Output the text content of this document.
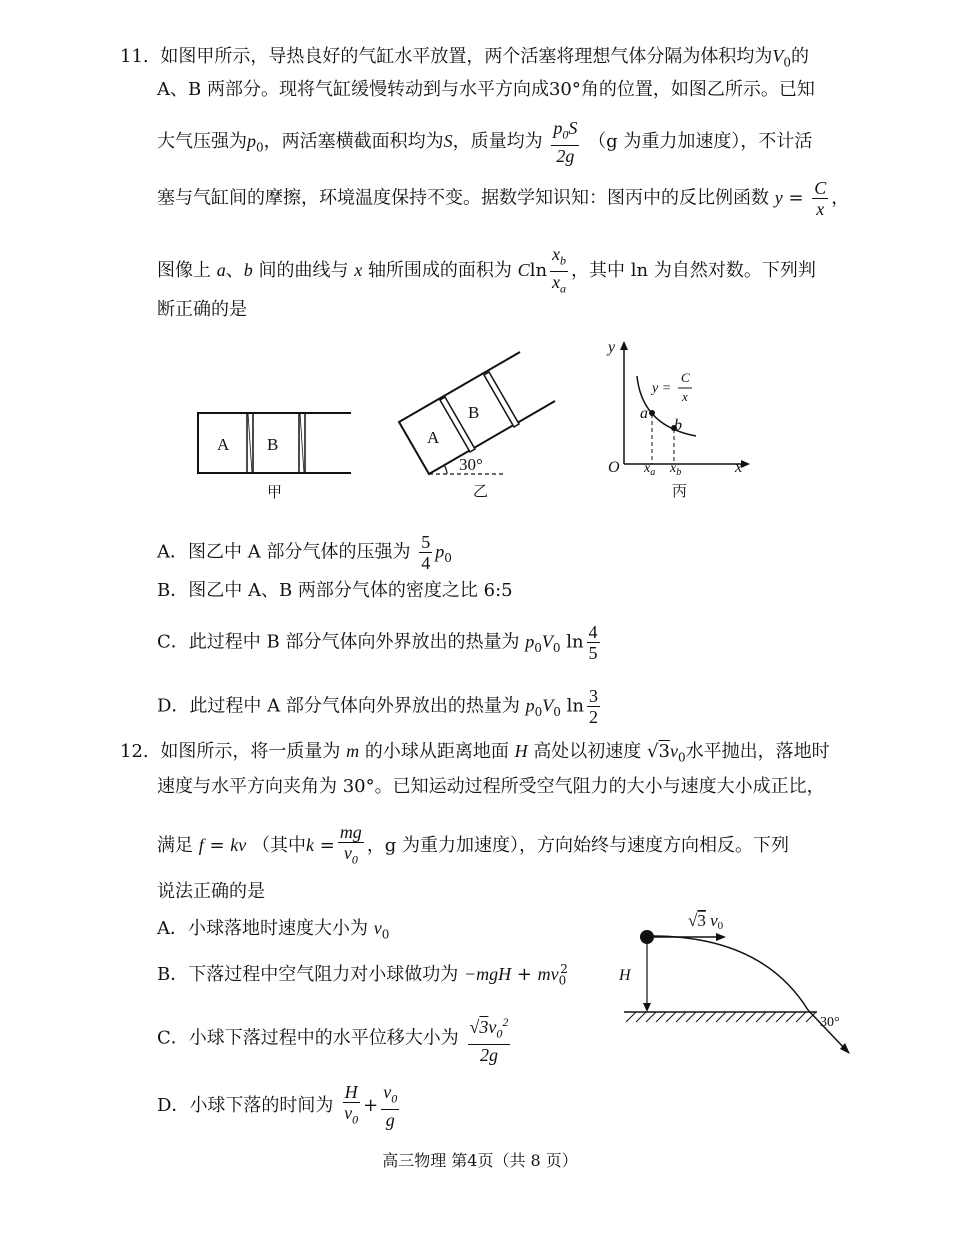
11. 如图甲所示，导热良好的气缸水平放置，两个活塞将理想气体分隔为体积均为$V_0$的
A、B 两部分。现将气缸缓慢转动到与水平方向成30°角的位置，如图乙所示。已知
大气压强为$p_0$，两活塞横截面积均为S，质量均为 $\frac{p_0S}{2g} (g$ 为重力加速度），不计活
塞与气缸间的摩擦，环境温度保持不变。据数学知识知：图丙中的反比例函数 $y = \frac{C}{x}$ ，
图像上 a、b 间的曲线与 x 轴所围成的面积为 Cln $\frac{x_b}{x_a}$ ，其中 ln 为自然对数。下列判
断正确的是
A B
甲
A
B
30°
乙
y
x
O
a
b
y =
C
x
$x_a$ $x_b$
丙
A．图乙中 A 部分气体的压强为 $\frac{5}{4} p_0$
B．图乙中 A、B 两部分气体的密度之比 6:5
C．此过程中 B 部分气体向外界放出的热量为 $p_0V_0$ $\ln \frac{4}{5}$
D．此过程中 A 部分气体向外界放出的热量为 $p_0V_0$ $\ln \frac{3}{2}$
12. 如图所示，将一质量为 m 的小球从距离地面 H 高处以初速度 $√3v_0$水平抛出，落地时
速度与水平方向夹角为 30°。已知运动过程所受空气阻力的大小与速度大小成正比，
满足 f = kv （其中$k = \frac{mg}{v_0}$ ，g 为重力加速度），方向始终与速度方向相反。下列
说法正确的是
A．小球落地时速度大小为 $v_0$
B．下落过程中空气阻力对小球做功为 $-mgH + mv_0^2$
C．小球下落过程中的水平位移大小为 $\frac{√3v_0^2}{2g}$
D．小球下落的时间为 $\frac{H}{v_0} + \frac{v_0}{g}$
H
30°
√3 v0
高三物理 第4页（共 8 页）
